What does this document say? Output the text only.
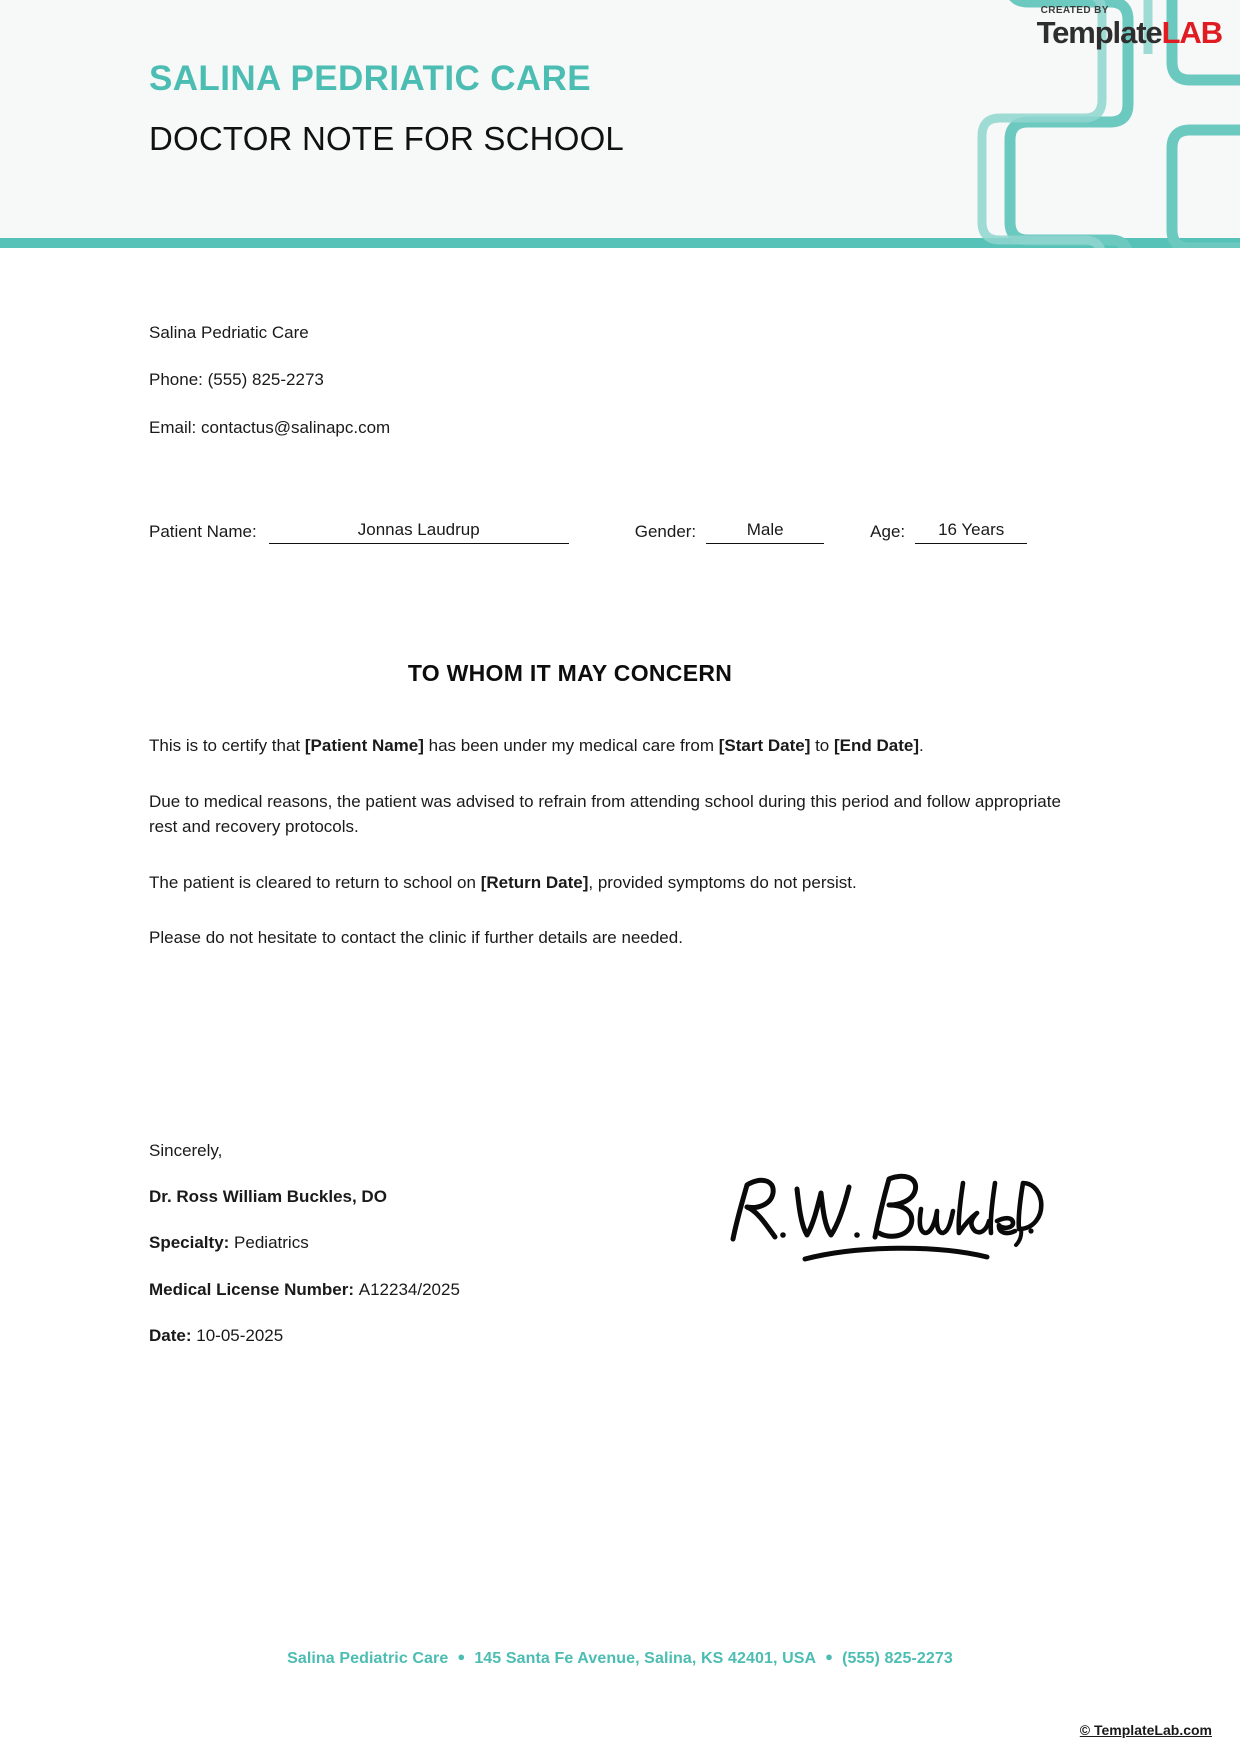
SALINA PEDRIATIC CARE
DOCTOR NOTE FOR SCHOOL
CREATED BY
TemplateLAB
Salina Pedriatic Care
Phone: (555) 825-2273
Email: contactus@salinapc.com
Patient Name:	Jonnas Laudrup	Gender:	Male	Age:	16 Years
TO WHOM IT MAY CONCERN

This is to certify that [Patient Name] has been under my medical care from [Start Date] to [End Date].

Due to medical reasons, the patient was advised to refrain from attending school during this period and follow appropriate rest and recovery protocols.

The patient is cleared to return to school on [Return Date], provided symptoms do not persist.

Please do not hesitate to contact the clinic if further details are needed.

Sincerely,
Dr. Ross William Buckles, DO
Specialty: Pediatrics
Medical License Number: A12234/2025
Date: 10-05-2025
Salina Pediatric Care ● 145 Santa Fe Avenue, Salina, KS 42401, USA ● (555) 825-2273
© TemplateLab.com
